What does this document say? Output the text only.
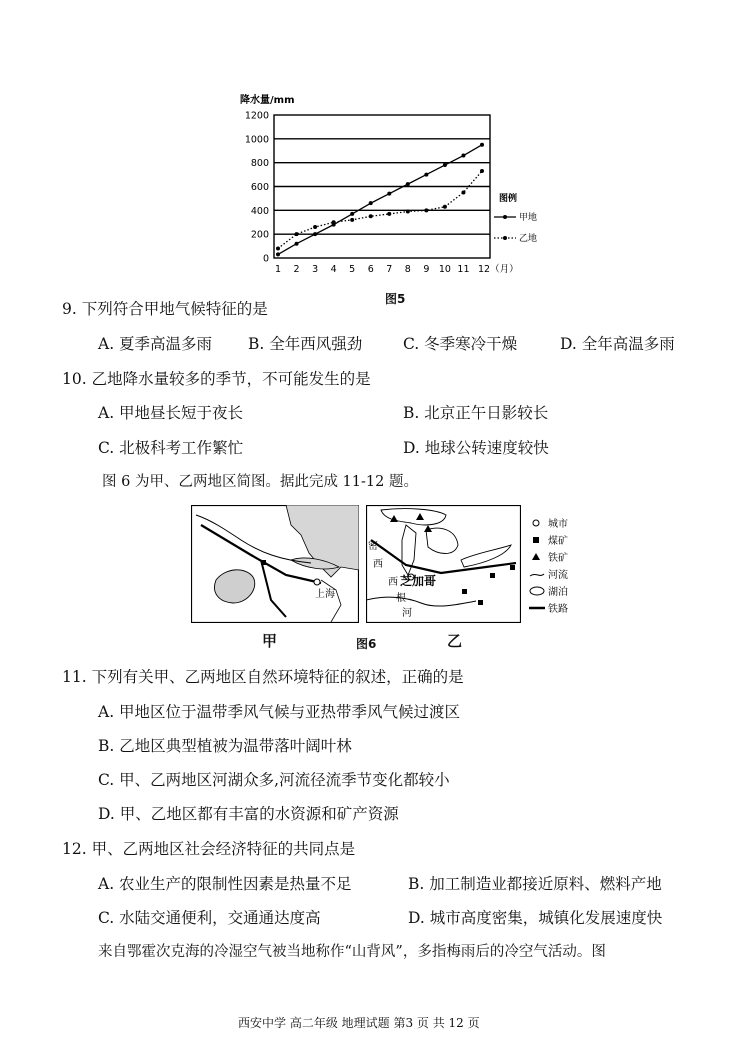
降水量/mm
0
200
400
600
800
1000
1200
1 2 3 4 5 6 7 8 9 10 11 12（月）
图例
甲地
乙地
图5
9. 下列符合甲地气候特征的是
A. 夏季高温多雨 B. 全年西风强劲	C. 冬季寒冷干燥	D. 全年高温多雨
10. 乙地降水量较多的季节，不可能发生的是
A. 甲地昼长短于夜长	B. 北京正午日影较长
C. 北极科考工作繁忙	D. 地球公转速度较快
图 6 为甲、乙两地区简图。据此完成 11-12 题。
上海
芝加哥
密
西
西
根
河
城市
煤矿
铁矿
河流
湖泊
铁路
甲	图6	乙
11. 下列有关甲、乙两地区自然环境特征的叙述，正确的是
A. 甲地区位于温带季风气候与亚热带季风气候过渡区
B. 乙地区典型植被为温带落叶阔叶林
C. 甲、乙两地区河湖众多,河流径流季节变化都较小
D. 甲、乙地区都有丰富的水资源和矿产资源
12. 甲、乙两地区社会经济特征的共同点是
A. 农业生产的限制性因素是热量不足	B. 加工制造业都接近原料、燃料产地
C. 水陆交通便利，交通通达度高	D. 城市高度密集，城镇化发展速度快
来自鄂霍次克海的冷湿空气被当地称作“山背风”，多指梅雨后的冷空气活动。图
西安中学 高二年级 地理试题 第3 页 共 12 页
